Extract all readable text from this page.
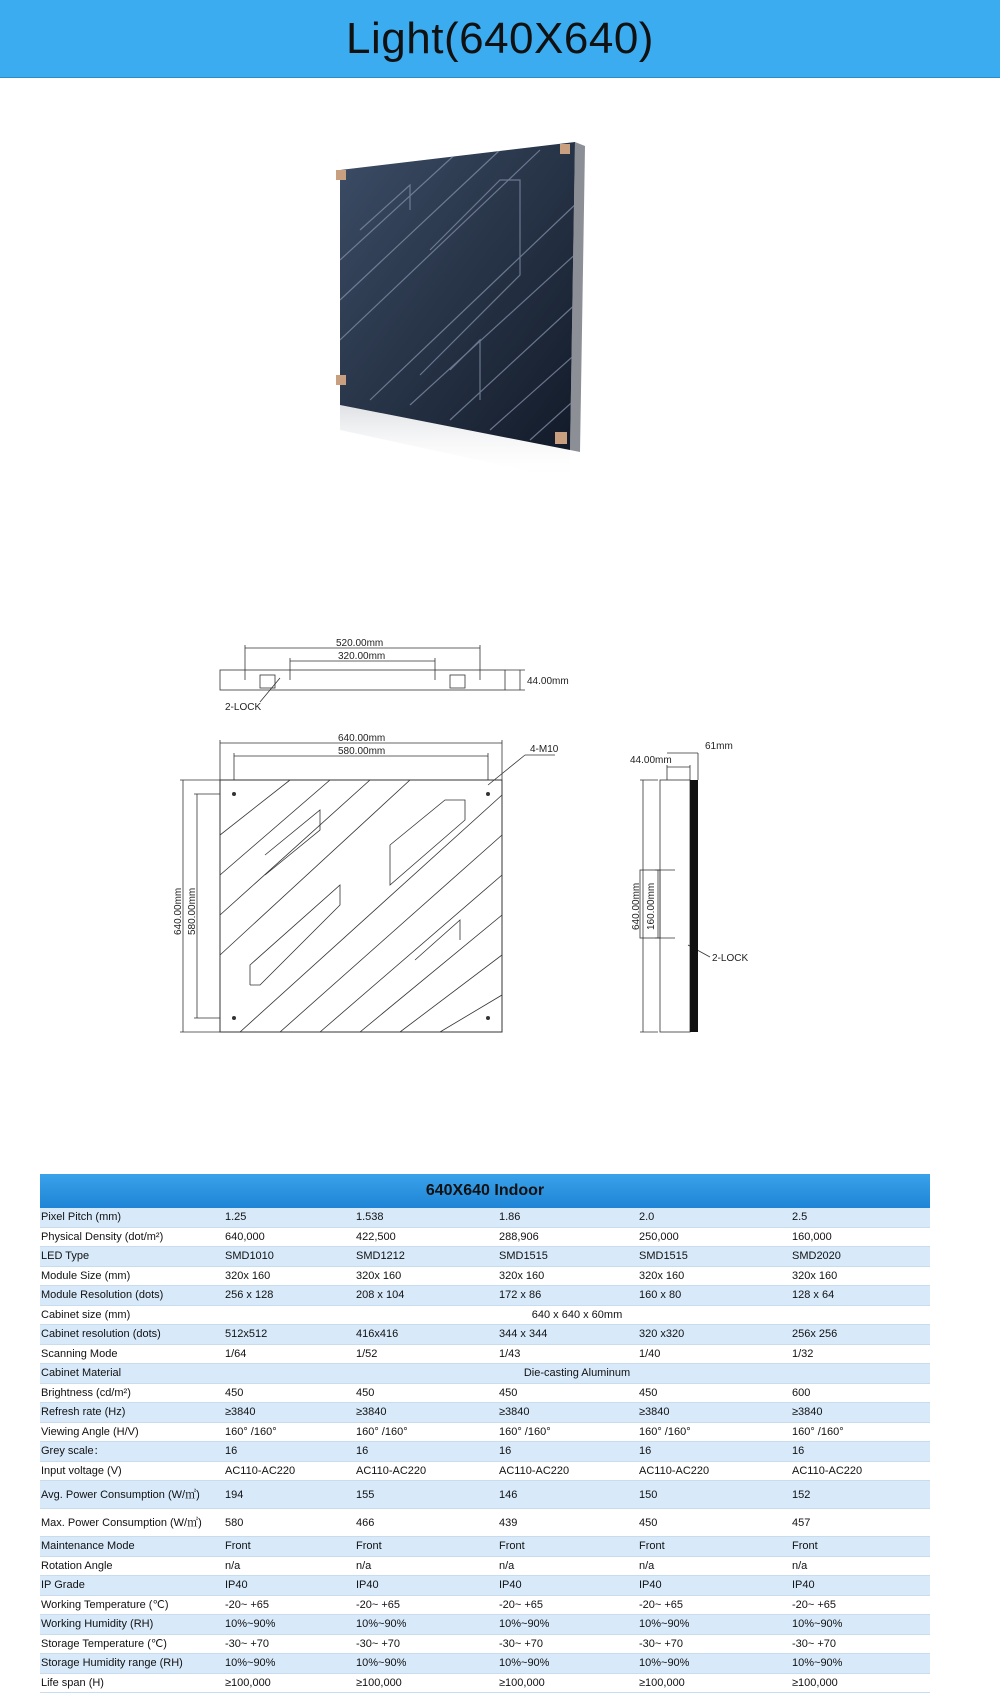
Light(640X640)
520.00mm
320.00mm
44.00mm
2-LOCK
640.00mm
580.00mm	4-M10
640.00mm 580.00mm
61mm
44.00mm
2-LOCK
640.00mm 160.00mm
640X640 Indoor
Pixel Pitch (mm)	1.25	1.538	1.86	2.0	2.5
Physical Density (dot/m²)	640,000	422,500	288,906	250,000	160,000
LED Type	SMD1010	SMD1212	SMD1515	SMD1515	SMD2020
Module Size (mm)	320x 160	320x 160	320x 160	320x 160	320x 160
Module Resolution (dots)	256 x 128	208 x 104	172 x 86	160 x 80	128 x 64
Cabinet size (mm)	640 x 640 x 60mm				
Cabinet resolution (dots)	512x512	416x416	344 x 344	320 x320	256x 256
Scanning Mode	1/64	1/52	1/43	1/40	1/32
Cabinet Material	Die-casting Aluminum				
Brightness (cd/m²)	450	450	450	450	600
Refresh rate (Hz)	≥3840	≥3840	≥3840	≥3840	≥3840
Viewing Angle (H/V)	160° /160°	160° /160°	160° /160°	160° /160°	160° /160°
Grey scale：	16	16	16	16	16
Input voltage (V)	AC110-AC220	AC110-AC220	AC110-AC220	AC110-AC220	AC110-AC220
Avg. Power Consumption (W/㎡)	194	155	146	150	152
Max. Power Consumption (W/㎡)	580	466	439	450	457
Maintenance Mode	Front	Front	Front	Front	Front
Rotation Angle	n/a	n/a	n/a	n/a	n/a
IP Grade	IP40	IP40	IP40	IP40	IP40
Working Temperature (℃)	-20~ +65	-20~ +65	-20~ +65	-20~ +65	-20~ +65
Working Humidity (RH)	10%~90%	10%~90%	10%~90%	10%~90%	10%~90%
Storage Temperature (℃)	-30~ +70	-30~ +70	-30~ +70	-30~ +70	-30~ +70
Storage Humidity range (RH)	10%~90%	10%~90%	10%~90%	10%~90%	10%~90%
Life span (H)	≥100,000	≥100,000	≥100,000	≥100,000	≥100,000
